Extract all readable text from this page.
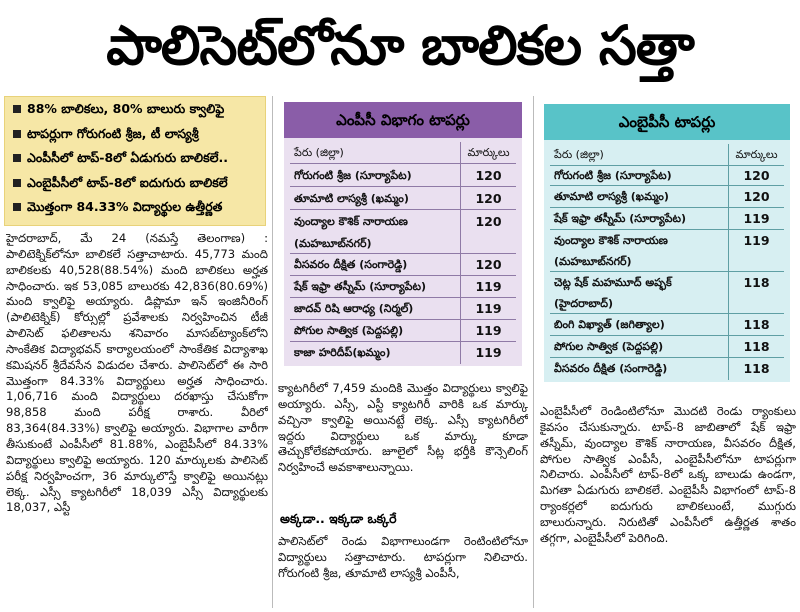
పాలిసెట్‌లోనూ బాలికల సత్తా
88% బాలికలు, 80% బాలురు క్వాలిఫై
టాపర్లుగా గోరుగంటి శ్రీజ, టీ లాస్యశ్రీ
ఎంపీసీలో టాప్‌-8లో ఏడుగురు బాలికలే..
ఎంబైపీసీలో టాప్‌-8లో ఐదుగురు బాలికలే
మొత్తంగా 84.33% విద్యార్థుల ఉత్తీర్ణత
హైదరాబాద్‌, మే 24 (నమస్తే తెలంగాణ) : పాలిటెక్నిక్‌లోనూ బాలికలే సత్తాచాటారు. 45,773 మంది బాలికలకు 40,528(88.54%) మంది బాలికలు అర్హత సాధించారు. ఇక 53,085 బాలురకు 42,836(80.69%) మంది క్వాలిఫై అయ్యారు. డిప్లొమా ఇన్‌ ఇంజినీరింగ్‌ (పాలిటెక్నిక్‌) కోర్సుల్లో ప్రవేశాలకు నిర్వహించిన టీజీ పాలిసెట్‌ ఫలితాలను శనివారం మాసబ్‌ట్యాంక్‌లోని సాంకేతిక విద్యాభవన్‌ కార్యాలయంలో సాంకేతిక విద్యాశాఖ కమిషనర్‌ శ్రీదేవసేన విడుదల చేశారు. పాలిసెట్‌లో ఈ సారి మొత్తంగా 84.33% విద్యార్థులు అర్హత సాధించారు. 1,06,716 మంది విద్యార్థులు దరఖాస్తు చేసుకోగా 98,858 మంది పరీక్ష రాశారు. వీరిలో 83,364(84.33%) క్వాలిఫై అయ్యారు. విభాగాల వారీగా తీసుకుంటే ఎంపీసీలో 81.88%, ఎంబైపీసీలో 84.33% విద్యార్థులు క్వాలిఫై అయ్యారు. 120 మార్కులకు పాలిసెట్‌ పరీక్ష నిర్వహించగా, 36 మార్కులొస్తే క్వాలిఫై అయినట్లు లెక్క. ఎస్సీ క్యాటగిరీలో 18,039 ఎస్సీ విద్యార్థులకు 18,037, ఎస్టీ
ఎంపీసీ విభాగం టాపర్లు
పేరు (జిల్లా)	మార్కులు
గోరుగంటి శ్రీజ (సూర్యాపేట)	120
తూమాటి లాస్యశ్రీ (ఖమ్మం)	120
వుంద్యాల కౌశిక్‌ నారాయణ	120
(మహబూబ్‌నగర్‌)
వీసవరం దీక్షిత (సంగారెడ్డి)	120
షేక్‌ ఇఫ్రా తస్నీమ్‌ (సూర్యాపేట)	119
జాదవ్‌ రిషి ఆరాధ్య (నిర్మల్‌)	119
పోగుల సాత్విక (పెద్దపల్లి)	119
కాజా హరిదీప్‌(ఖమ్మం)	119
ఎంబైపీసీ టాపర్లు
పేరు (జిల్లా)	మార్కులు
గోరుగంటి శ్రీజ (సూర్యాపేట)	120
తూమాటి లాస్యశ్రీ (ఖమ్మం)	120
షేక్‌ ఇఫ్రా తస్నీమ్‌ (సూర్యాపేట)	119
వుంద్యాల కౌశిక్‌ నారాయణ	119
(మహబూబ్‌నగర్‌)
చెట్ల షేక్‌ మహమూద్‌ అష్ఫక్‌	118
(హైదరాబాద్‌)
బింగి విఖ్యాత్‌ (జగిత్యాల)	118
పోగుల సాత్విక (పెద్దపల్లి)	118
వీసవరం దీక్షిత (సంగారెడ్డి)	118
క్యాటగిరీలో 7,459 మందికి మొత్తం విద్యార్థులు క్వాలిఫై అయ్యారు. ఎస్సీ, ఎస్టీ క్యాటగిరీ వారికి ఒక మార్కు వచ్చినా క్వాలిఫై అయినట్టే లెక్క. ఎస్సీ క్యాటగిరీలో ఇద్దరు విద్యార్థులు ఒక మార్కు కూడా తెచ్చుకోలేకపోయారు. జూలైలో సీట్ల భర్తీకి కౌన్సెలింగ్‌ నిర్వహించే అవకాశాలున్నాయి.
అక్కడా.. ఇక్కడా ఒక్కరే
పాలిసెట్‌లో రెండు విభాగాలుండగా రెంటింటిలోనూ విద్యార్థులు సత్తాచాటారు. టాపర్లుగా నిలిచారు. గోరుగంటి శ్రీజ, తూమాటి లాస్యశ్రీ ఎంపీసీ,
ఎంబైపీసీలో రెండింటిలోనూ మొదటి రెండు ర్యాంకులు కైవసం చేసుకున్నారు. టాప్‌-8 జాబితాలో షేక్‌ ఇఫ్రా తస్నీమ్‌, వుంద్యాల కౌశిక్‌ నారాయణ, వీసవరం దీక్షిత, పోగుల సాత్విక ఎంపీసీ, ఎంబైపీసీలోనూ టాపర్లుగా నిలిచారు. ఎంపీసీలో టాప్‌-8లో ఒక్క బాలుడు ఉండగా, మిగతా ఏడుగురు బాలికలే. ఎంబైపీసీ విభాగంలో టాప్‌-8 ర్యాంకర్లలో ఐదుగురు బాలికలుంటే, ముగ్గురు బాలురున్నారు. నిరుటితో ఎంపీసీలో ఉత్తీర్ణత శాతం తగ్గగా, ఎంబైపీసీలో పెరిగింది.
